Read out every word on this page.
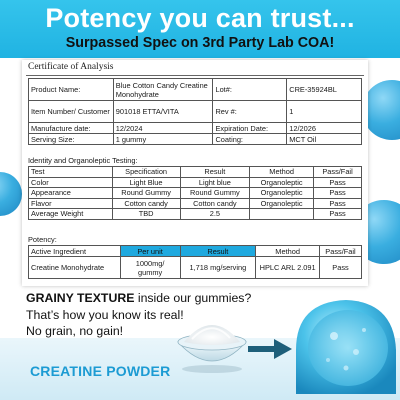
Potency you can trust...
Surpassed Spec on 3rd Party Lab COA!
Certificate of Analysis
Product Name:	Blue Cotton Candy Creatine Monohydrate	Lot#:	CRE-35924BL
Item Number/ Customer	901018 ETTA/VITA	Rev #:	1
Manufacture date:	12/2024	Expiration Date:	12/2026
Serving Size:	1 gummy	Coating:	MCT Oil
Identity and Organoleptic Testing:
Test	Specification	Result	Method	Pass/Fail
Color	Light Blue	Light blue	Organoleptic	Pass
Appearance	Round Gummy	Round Gummy	Organoleptic	Pass
Flavor	Cotton candy	Cotton candy	Organoleptic	Pass
Average Weight	TBD	2.5		Pass
Potency:
Active Ingredient	Per unit	Result	Method	Pass/Fail
Creatine Monohydrate	1000mg/ gummy	1,718 mg/serving	HPLC ARL 2.091	Pass
GRAINY TEXTURE inside our gummies?
That’s how you know its real!
No grain, no gain!
CREATINE POWDER
